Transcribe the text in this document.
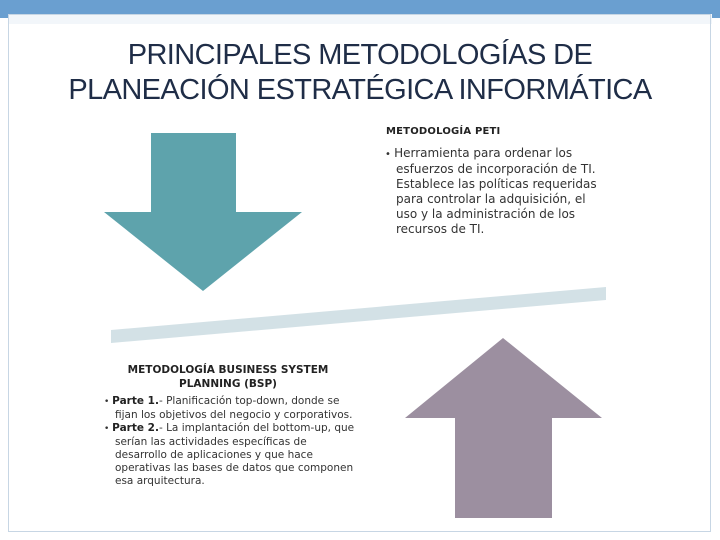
PRINCIPALES METODOLOGÍAS DE
PLANEACIÓN ESTRATÉGICA INFORMÁTICA
METODOLOGÍA PETI
• Herramienta para ordenar los esfuerzos de incorporación de TI. Establece las políticas requeridas para controlar la adquisición, el uso y la administración de los recursos de TI.
METODOLOGÍA BUSINESS SYSTEM PLANNING (BSP)
• Parte 1.- Planificación top-down, donde se fijan los objetivos del negocio y corporativos.
• Parte 2.- La implantación del bottom-up, que serían las actividades específicas de desarrollo de aplicaciones y que hace operativas las bases de datos que componen esa arquitectura.
